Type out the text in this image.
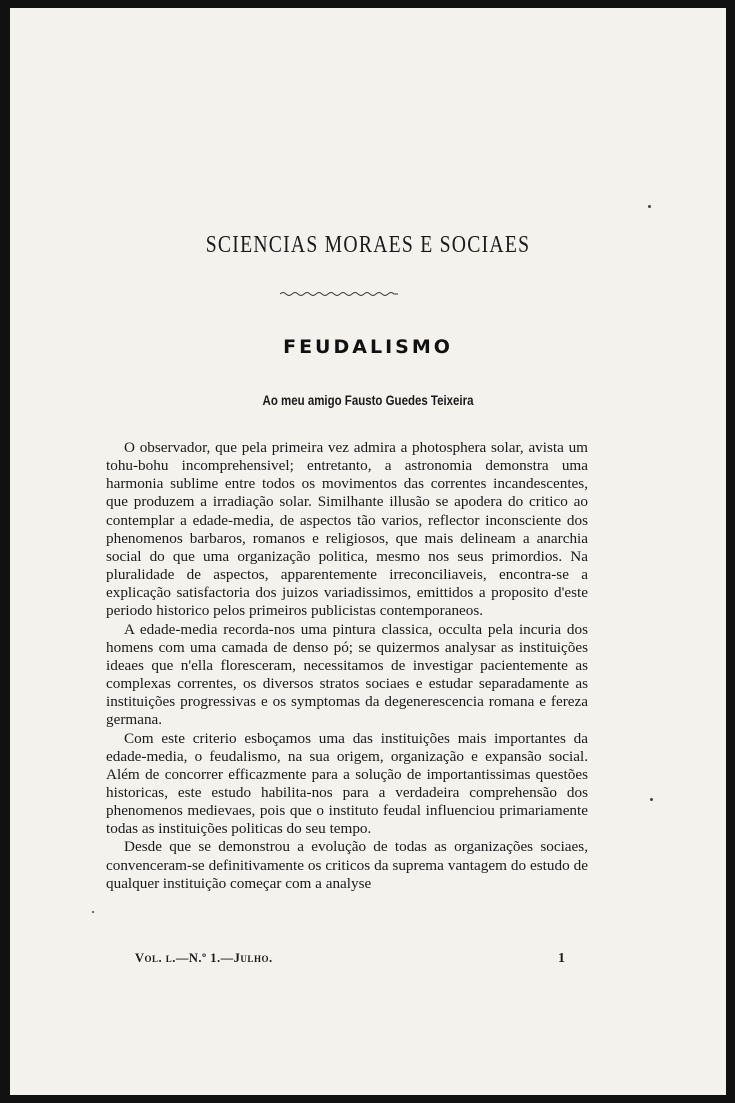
SCIENCIAS MORAES E SOCIAES
FEUDALISMO
Ao meu amigo Fausto Guedes Teixeira

O observador, que pela primeira vez admira a photosphera solar, avista um tohu-bohu incomprehensivel; entretanto, a astronomia demonstra uma harmonia sublime entre todos os movimentos das correntes incandescentes, que produzem a irradiação solar. Similhante illusão se apodera do critico ao contemplar a edade-media, de aspectos tão varios, reflector inconsciente dos phenomenos barbaros, romanos e religiosos, que mais delineam a anarchia social do que uma organização politica, mesmo nos seus primordios. Na pluralidade de aspectos, apparentemente irreconciliaveis, encontra-se a explicação satisfactoria dos juizos variadissimos, emittidos a proposito d'este periodo historico pelos primeiros publicistas contemporaneos.

A edade-media recorda-nos uma pintura classica, occulta pela incuria dos homens com uma camada de denso pó; se quizermos analysar as instituições ideaes que n'ella floresceram, necessitamos de investigar pacientemente as complexas correntes, os diversos stratos sociaes e estudar separadamente as instituições progressivas e os symptomas da degenerescencia romana e fereza germana.

Com este criterio esboçamos uma das instituições mais importantes da edade-media, o feudalismo, na sua origem, organização e expansão social. Além de concorrer efficazmente para a solução de importantissimas questões historicas, este estudo habilita-nos para a verdadeira comprehensão dos phenomenos medievaes, pois que o instituto feudal influenciou primariamente todas as instituições politicas do seu tempo.

Desde que se demonstrou a evolução de todas as organizações sociaes, convenceram-se definitivamente os criticos da suprema vantagem do estudo de qualquer instituição começar com a analyse

Vol. l.—N.º 1.—Julho.	1
